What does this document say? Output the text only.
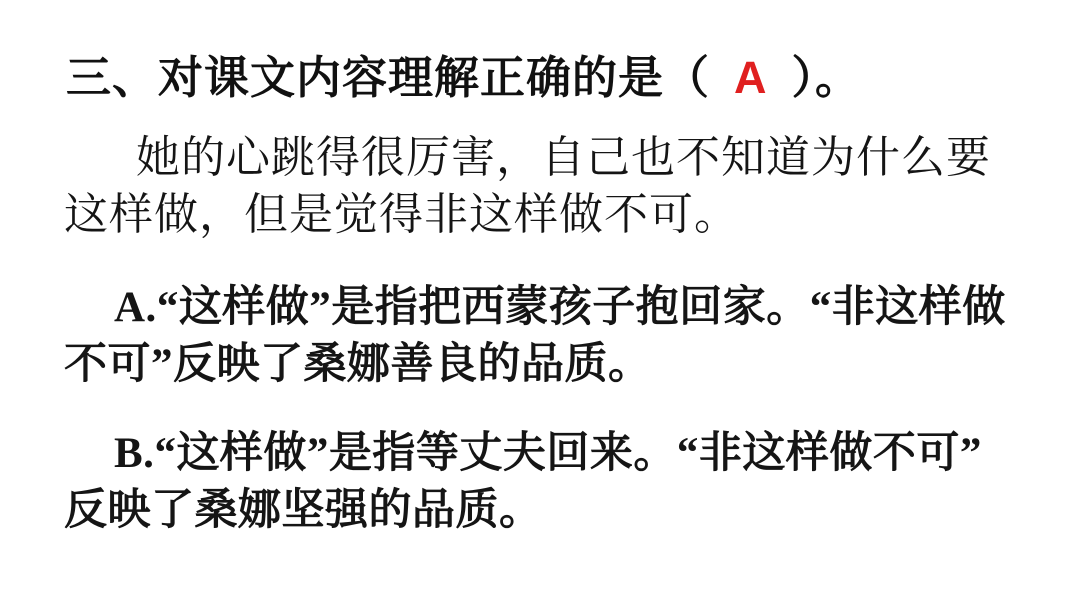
三、对课文内容理解正确的是（ A ）。

她的心跳得很厉害，自己也不知道为什么要这样做，但是觉得非这样做不可。

A.“这样做”是指把西蒙孩子抱回家。“非这样做不可”反映了桑娜善良的品质。

B.“这样做”是指等丈夫回来。“非这样做不可”反映了桑娜坚强的品质。
